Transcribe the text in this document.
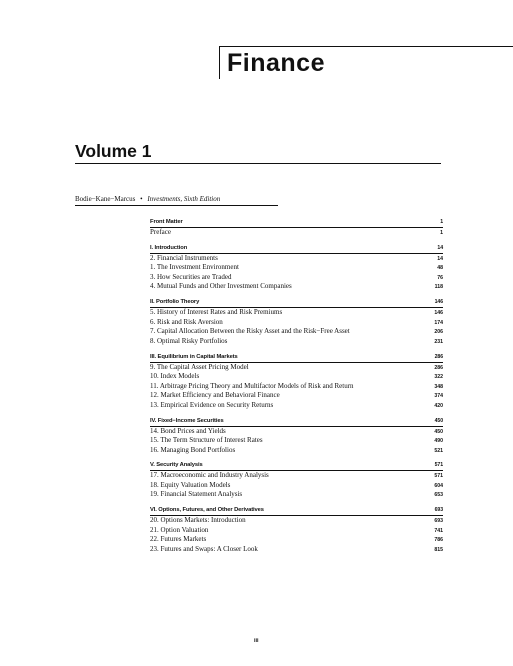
Finance
Volume 1
Bodie−Kane−Marcus • Investments, Sixth Edition
Front Matter	1
Preface	1
I. Introduction	14
2. Financial Instruments	14
1. The Investment Environment	48
3. How Securities are Traded	76
4. Mutual Funds and Other Investment Companies	118
II. Portfolio Theory	146
5. History of Interest Rates and Risk Premiums	146
6. Risk and Risk Aversion	174
7. Capital Allocation Between the Risky Asset and the Risk−Free Asset	206
8. Optimal Risky Portfolios	231
III. Equilibrium in Capital Markets	286
9. The Capital Asset Pricing Model	286
10. Index Models	322
11. Arbitrage Pricing Theory and Multifactor Models of Risk and Return	348
12. Market Efficiency and Behavioral Finance	374
13. Empirical Evidence on Security Returns	420
IV. Fixed−Income Securities	450
14. Bond Prices and Yields	450
15. The Term Structure of Interest Rates	490
16. Managing Bond Portfolios	521
V. Security Analysis	571
17. Macroeconomic and Industry Analysis	571
18. Equity Valuation Models	604
19. Financial Statement Analysis	653
VI. Options, Futures, and Other Derivatives	693
20. Options Markets: Introduction	693
21. Option Valuation	741
22. Futures Markets	786
23. Futures and Swaps: A Closer Look	815
iii
